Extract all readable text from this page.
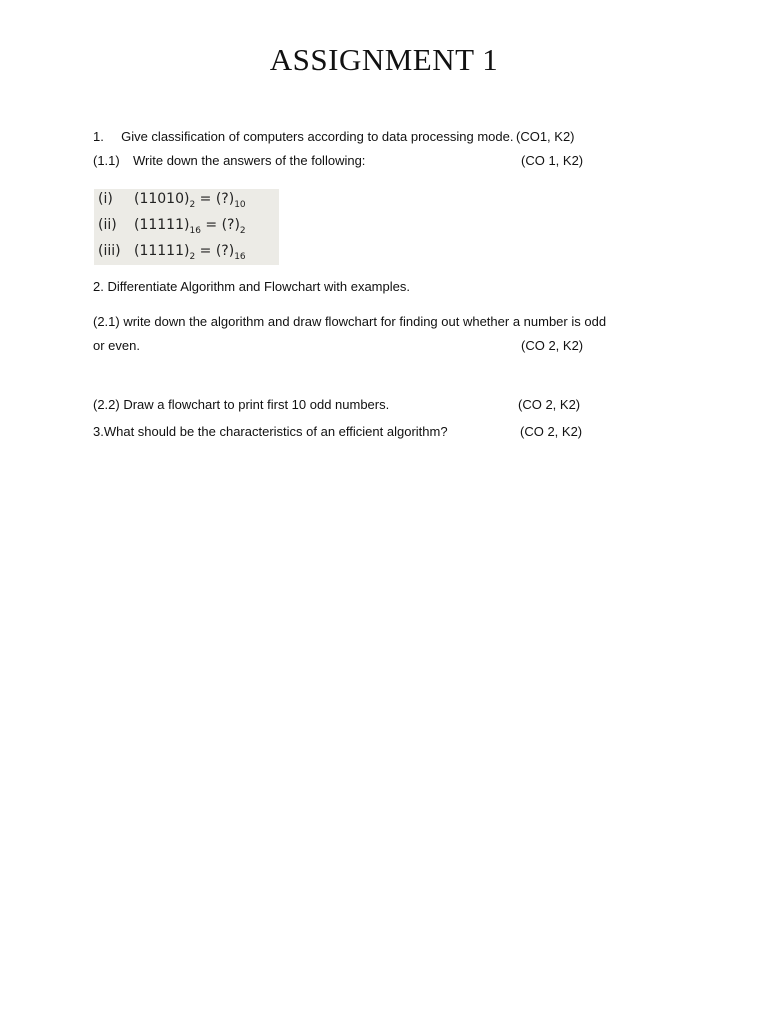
ASSIGNMENT 1
1. Give classification of computers according to data processing mode. (CO1, K2)
(1.1) Write down the answers of the following:	(CO 1, K2)
(i) $(11010)_2$ = $(?)_{10}$
(ii) $(11111)_{16}$ = $(?)_2$
(iii) $(11111)_2$ = $(?)_{16}$
2. Differentiate Algorithm and Flowchart with examples.
(2.1) write down the algorithm and draw flowchart for finding out whether a number is odd
or even.	(CO 2, K2)
(2.2) Draw a flowchart to print first 10 odd numbers.	(CO 2, K2)
3.What should be the characteristics of an efficient algorithm?	(CO 2, K2)
